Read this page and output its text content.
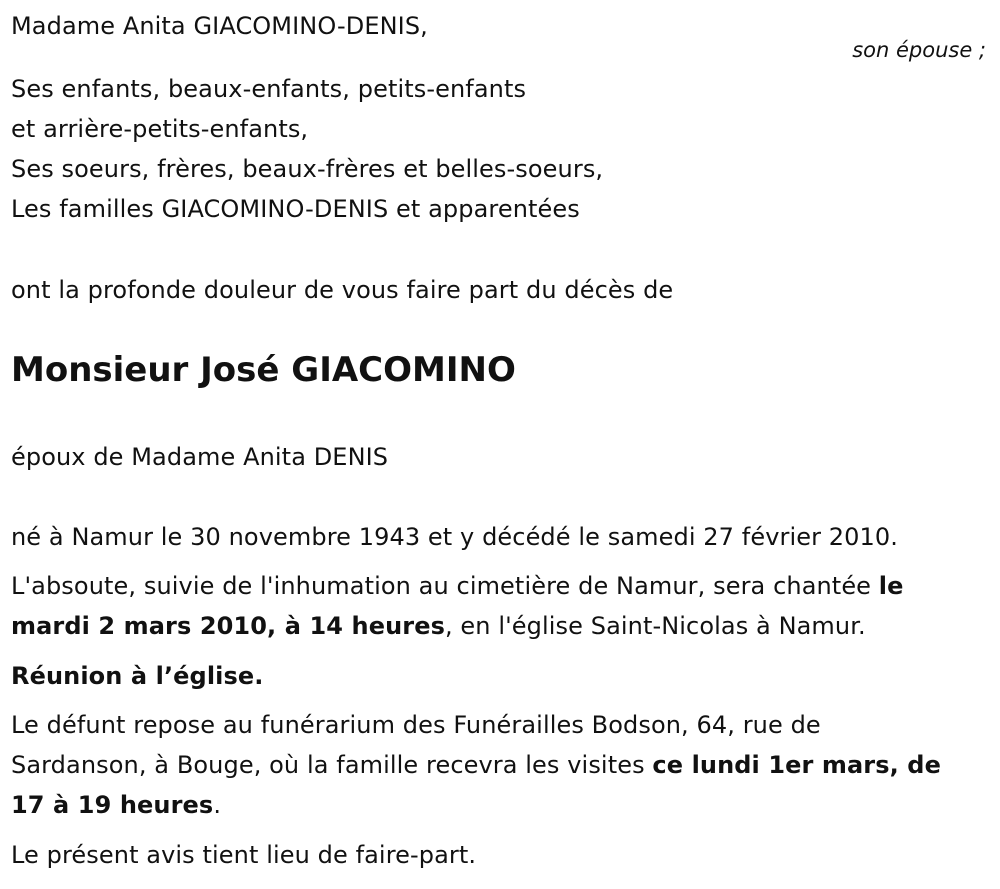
Madame Anita GIACOMINO-DENIS,
son épouse ;
Ses enfants, beaux-enfants, petits-enfants
et arrière-petits-enfants,
Ses soeurs, frères, beaux-frères et belles-soeurs,
Les familles GIACOMINO-DENIS et apparentées
ont la profonde douleur de vous faire part du décès de
Monsieur José GIACOMINO
époux de Madame Anita DENIS
né à Namur le 30 novembre 1943 et y décédé le samedi 27 février 2010.
L'absoute, suivie de l'inhumation au cimetière de Namur, sera chantée le
mardi 2 mars 2010, à 14 heures, en l'église Saint-Nicolas à Namur.
Réunion à l’église.
Le défunt repose au funérarium des Funérailles Bodson, 64, rue de
Sardanson, à Bouge, où la famille recevra les visites ce lundi 1er mars, de
17 à 19 heures.
Le présent avis tient lieu de faire-part.
